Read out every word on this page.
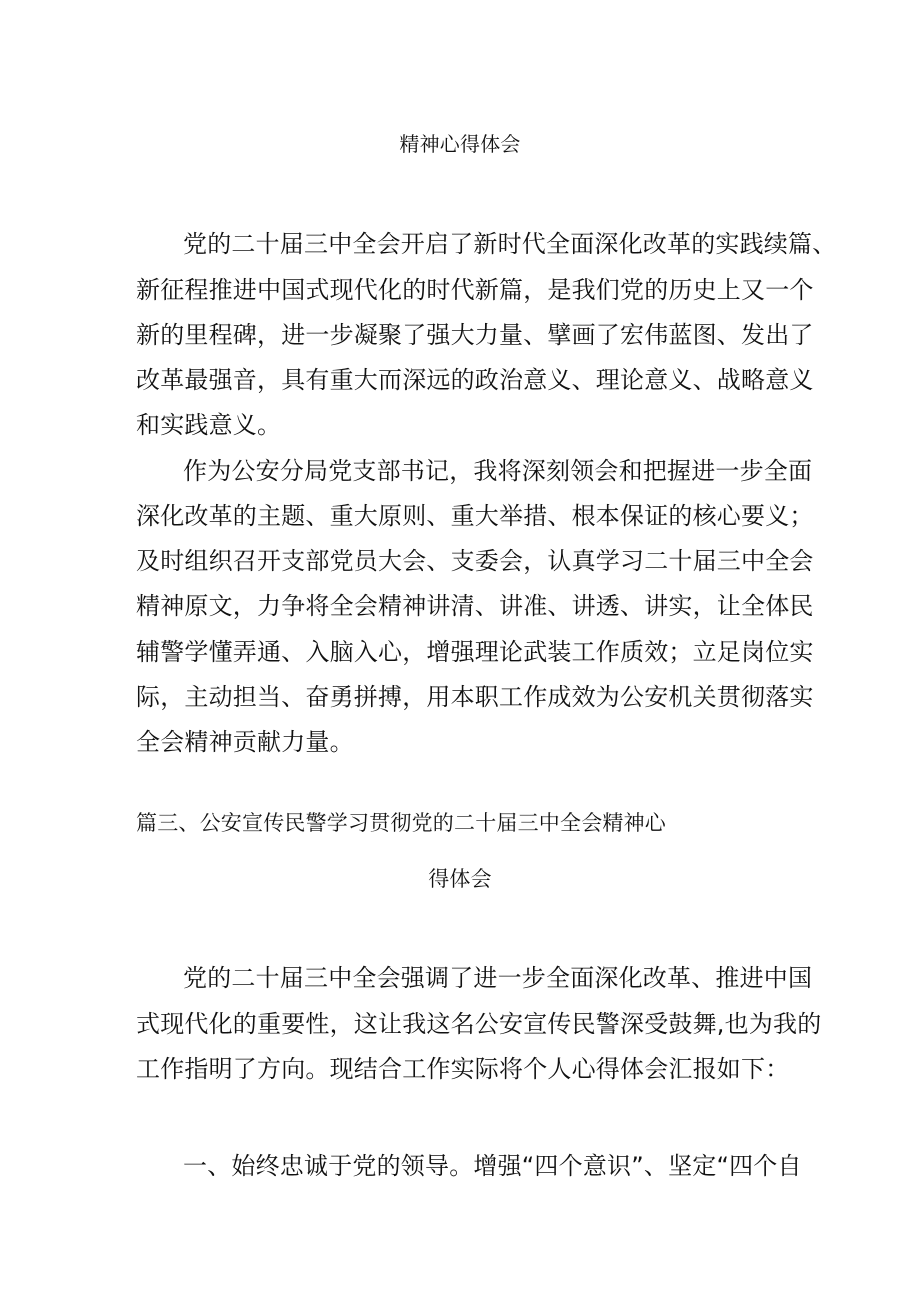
精神心得体会
党的二十届三中全会开启了新时代全面深化改革的实践续篇、
新征程推进中国式现代化的时代新篇，是我们党的历史上又一个
新的里程碑，进一步凝聚了强大力量、擘画了宏伟蓝图、发出了
改革最强音，具有重大而深远的政治意义、理论意义、战略意义
和实践意义。
作为公安分局党支部书记，我将深刻领会和把握进一步全面
深化改革的主题、重大原则、重大举措、根本保证的核心要义；
及时组织召开支部党员大会、支委会，认真学习二十届三中全会
精神原文，力争将全会精神讲清、讲准、讲透、讲实，让全体民
辅警学懂弄通、入脑入心，增强理论武装工作质效；立足岗位实
际，主动担当、奋勇拼搏，用本职工作成效为公安机关贯彻落实
全会精神贡献力量。
篇三、公安宣传民警学习贯彻党的二十届三中全会精神心
得体会
党的二十届三中全会强调了进一步全面深化改革、推进中国
式现代化的重要性，这让我这名公安宣传民警深受鼓舞,也为我的
工作指明了方向。现结合工作实际将个人心得体会汇报如下：
一、始终忠诚于党的领导。增强“四个意识”、坚定“四个自
